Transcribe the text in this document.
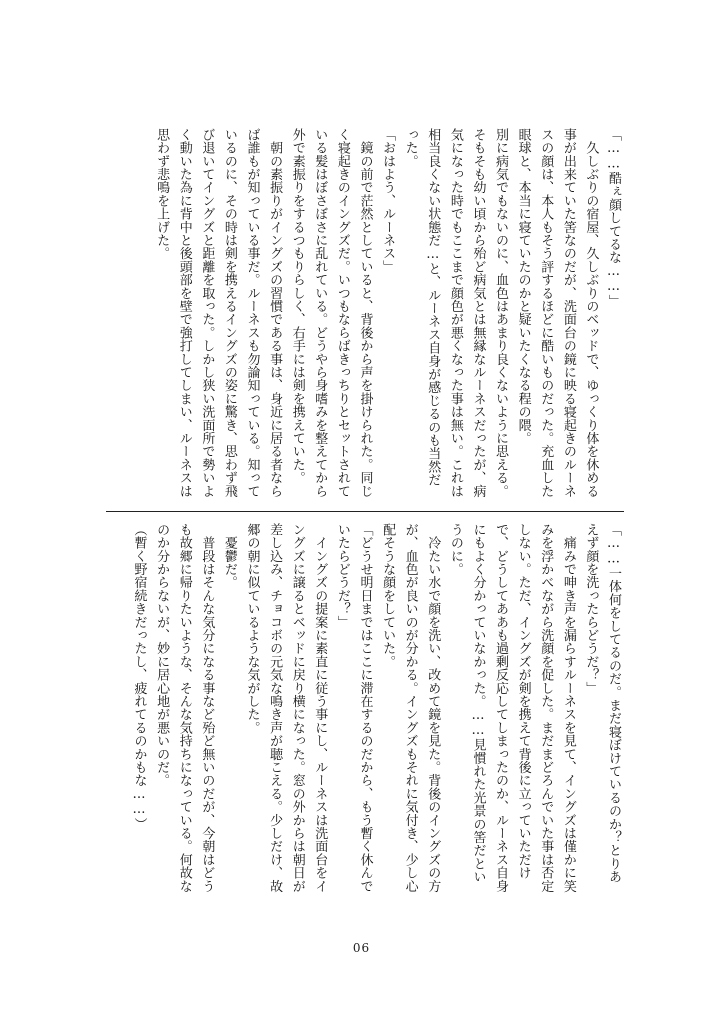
「……酷ぇ顔してるな……」

　久しぶりの宿屋、久しぶりのベッドで、ゆっくり体を休める事が出来ていた筈なのだが、洗面台の鏡に映る寝起きのルーネスの顔は、本人もそう評するほどに酷いものだった。充血した眼球と、本当に寝ていたのかと疑いたくなる程の隈。

別に病気でもないのに、血色はあまり良くないように思える。そもそも幼い頃から殆ど病気とは無縁なルーネスだったが、病気になった時でもここまで顔色が悪くなった事は無い。これは相当良くない状態だ…と、ルーネス自身が感じるのも当然だった。

「おはよう、ルーネス」

　鏡の前で茫然としていると、背後から声を掛けられた。同じく寝起きのイングズだ。いつもならばきっちりとセットされている髪はぼさぼさに乱れている。どうやら身嗜みを整えてから外で素振りをするつもりらしく、右手には剣を携えていた。

　朝の素振りがイングズの習慣である事は、身近に居る者ならば誰もが知っている事だ。ルーネスも勿論知っている。知っているのに、その時は剣を携えるイングズの姿に驚き、思わず飛び退いてイングズと距離を取った。しかし狭い洗面所で勢いよく動いた為に背中と後頭部を壁で強打してしまい、ルーネスは思わず悲鳴を上げた。

「……一体何をしてるのだ。まだ寝ぼけているのか？とりあえず顔を洗ったらどうだ？」

　痛みで呻き声を漏らすルーネスを見て、イングズは僅かに笑みを浮かべながら洗顔を促した。まだまどろんでいた事は否定しない。ただ、イングズが剣を携えて背後に立っていただけで、どうしてああも過剰反応してしまったのか、ルーネス自身にもよく分かっていなかった。……見慣れた光景の筈だというのに。

　冷たい水で顔を洗い、改めて鏡を見た。背後のイングズの方が、血色が良いのが分かる。イングズもそれに気付き、少し心配そうな顔をしていた。

「どうせ明日まではここに滞在するのだから、もう暫く休んでいたらどうだ？」

　イングズの提案に素直に従う事にし、ルーネスは洗面台をイングズに譲るとベッドに戻り横になった。窓の外からは朝日が差し込み、チョコボの元気な鳴き声が聴こえる。少しだけ、故郷の朝に似ているような気がした。

　憂鬱だ。

　普段はそんな気分になる事など殆ど無いのだが、今朝はどうも故郷に帰りたいような、そんな気持ちになっている。何故なのか分からないが、妙に居心地が悪いのだ。

（暫く野宿続きだったし、疲れてるのかもな……）

06
